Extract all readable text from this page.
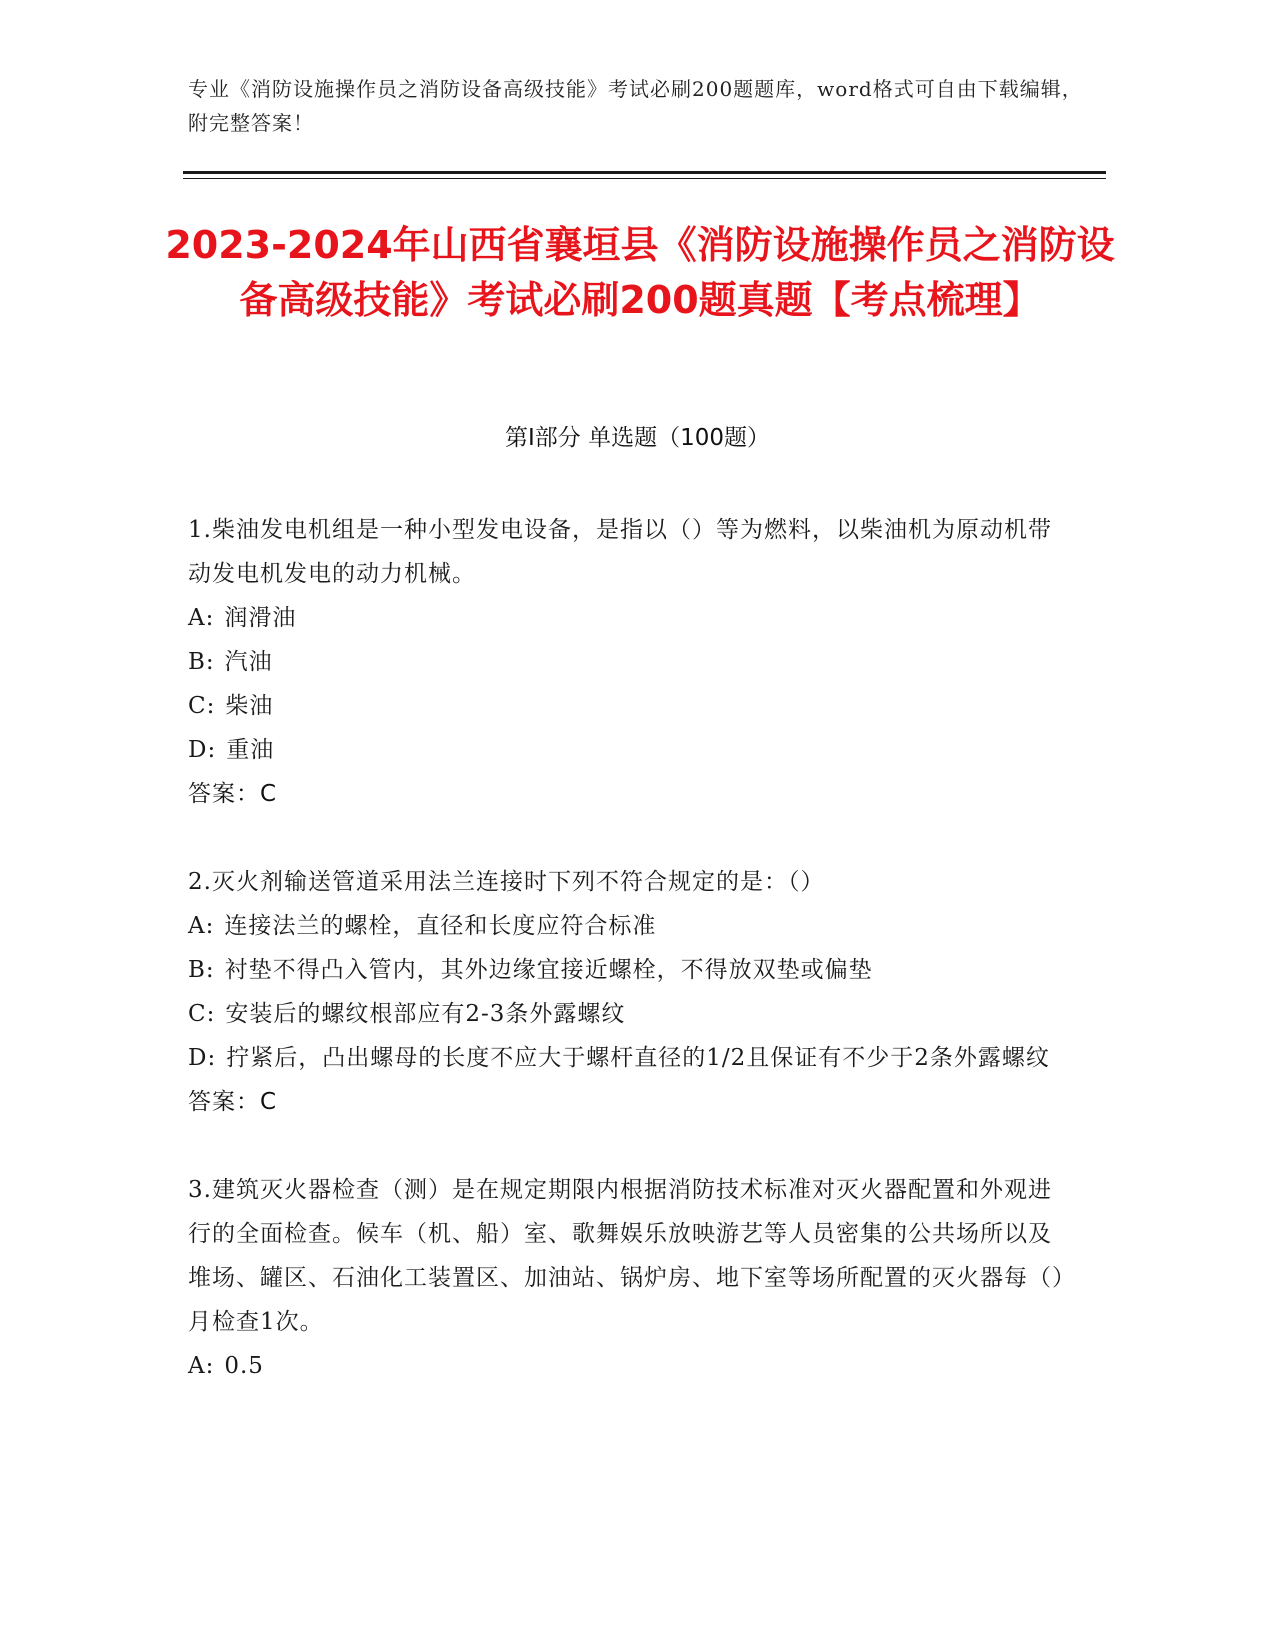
专业《消防设施操作员之消防设备高级技能》考试必刷200题题库，word格式可自由下载编辑，附完整答案！
2023-2024年山西省襄垣县《消防设施操作员之消防设备高级技能》考试必刷200题真题【考点梳理】
第I部分 单选题（100题）

1.柴油发电机组是一种小型发电设备，是指以（）等为燃料，以柴油机为原动机带动发电机发电的动力机械。

A: 润滑油

B: 汽油

C: 柴油

D: 重油

答案：C

2.灭火剂输送管道采用法兰连接时下列不符合规定的是：（）

A: 连接法兰的螺栓，直径和长度应符合标准

B: 衬垫不得凸入管内，其外边缘宜接近螺栓，不得放双垫或偏垫

C: 安装后的螺纹根部应有2-3条外露螺纹

D: 拧紧后，凸出螺母的长度不应大于螺杆直径的1/2且保证有不少于2条外露螺纹

答案：C

3.建筑灭火器检查（测）是在规定期限内根据消防技术标准对灭火器配置和外观进行的全面检查。候车（机、船）室、歌舞娱乐放映游艺等人员密集的公共场所以及堆场、罐区、石油化工装置区、加油站、锅炉房、地下室等场所配置的灭火器每（）月检查1次。

A: 0.5
